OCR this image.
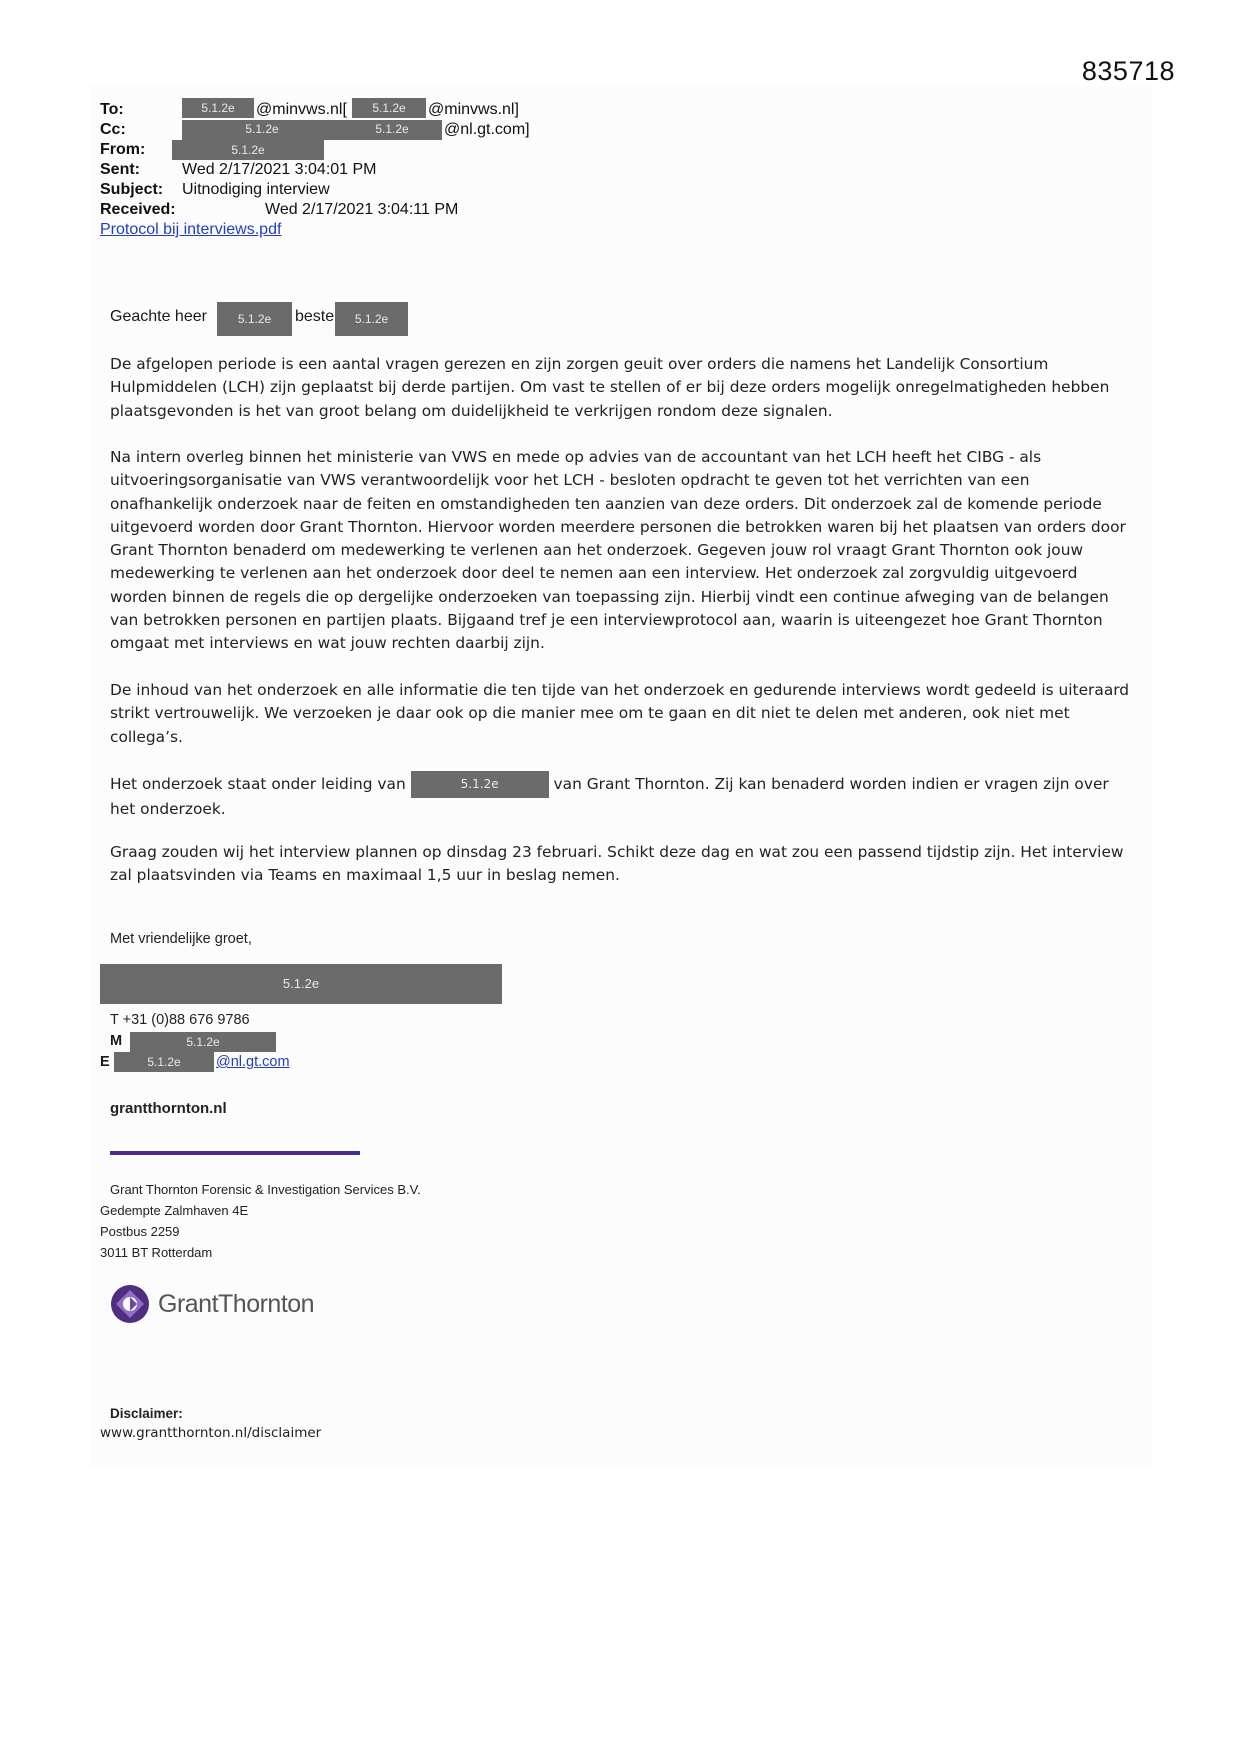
835718
To:	5.1.2e	@minvws.nl[	5.1.2e	@minvws.nl]
Cc:	5.1.2e	5.1.2e	@nl.gt.com]
From:	5.1.2e
Sent:	Wed 2/17/2021 3:04:01 PM
Subject: Uitnodiging interview
Received:	Wed 2/17/2021 3:04:11 PM
Protocol bij interviews.pdf
Geachte heer	5.1.2e	beste	5.1.2e

De afgelopen periode is een aantal vragen gerezen en zijn zorgen geuit over orders die namens het Landelijk Consortium Hulpmiddelen (LCH) zijn geplaatst bij derde partijen. Om vast te stellen of er bij deze orders mogelijk onregelmatigheden hebben plaatsgevonden is het van groot belang om duidelijkheid te verkrijgen rondom deze signalen.

Na intern overleg binnen het ministerie van VWS en mede op advies van de accountant van het LCH heeft het CIBG - als uitvoeringsorganisatie van VWS verantwoordelijk voor het LCH - besloten opdracht te geven tot het verrichten van een onafhankelijk onderzoek naar de feiten en omstandigheden ten aanzien van deze orders. Dit onderzoek zal de komende periode uitgevoerd worden door Grant Thornton. Hiervoor worden meerdere personen die betrokken waren bij het plaatsen van orders door Grant Thornton benaderd om medewerking te verlenen aan het onderzoek. Gegeven jouw rol vraagt Grant Thornton ook jouw medewerking te verlenen aan het onderzoek door deel te nemen aan een interview. Het onderzoek zal zorgvuldig uitgevoerd worden binnen de regels die op dergelijke onderzoeken van toepassing zijn. Hierbij vindt een continue afweging van de belangen van betrokken personen en partijen plaats. Bijgaand tref je een interviewprotocol aan, waarin is uiteengezet hoe Grant Thornton omgaat met interviews en wat jouw rechten daarbij zijn.

De inhoud van het onderzoek en alle informatie die ten tijde van het onderzoek en gedurende interviews wordt gedeeld is uiteraard strikt vertrouwelijk. We verzoeken je daar ook op die manier mee om te gaan en dit niet te delen met anderen, ook niet met collega’s.

Het onderzoek staat onder leiding van	5.1.2e	van Grant Thornton. Zij kan benaderd worden indien er vragen zijn over het onderzoek.

Graag zouden wij het interview plannen op dinsdag 23 februari. Schikt deze dag en wat zou een passend tijdstip zijn. Het interview zal plaatsvinden via Teams en maximaal 1,5 uur in beslag nemen.

Met vriendelijke groet,
5.1.2e
T +31 (0)88 676 9786
M	5.1.2e
E	5.1.2e	@nl.gt.com
grantthornton.nl
Grant Thornton Forensic & Investigation Services B.V.
Gedempte Zalmhaven 4E
Postbus 2259
3011 BT Rotterdam
GrantThornton
Disclaimer:
www.grantthornton.nl/disclaimer
